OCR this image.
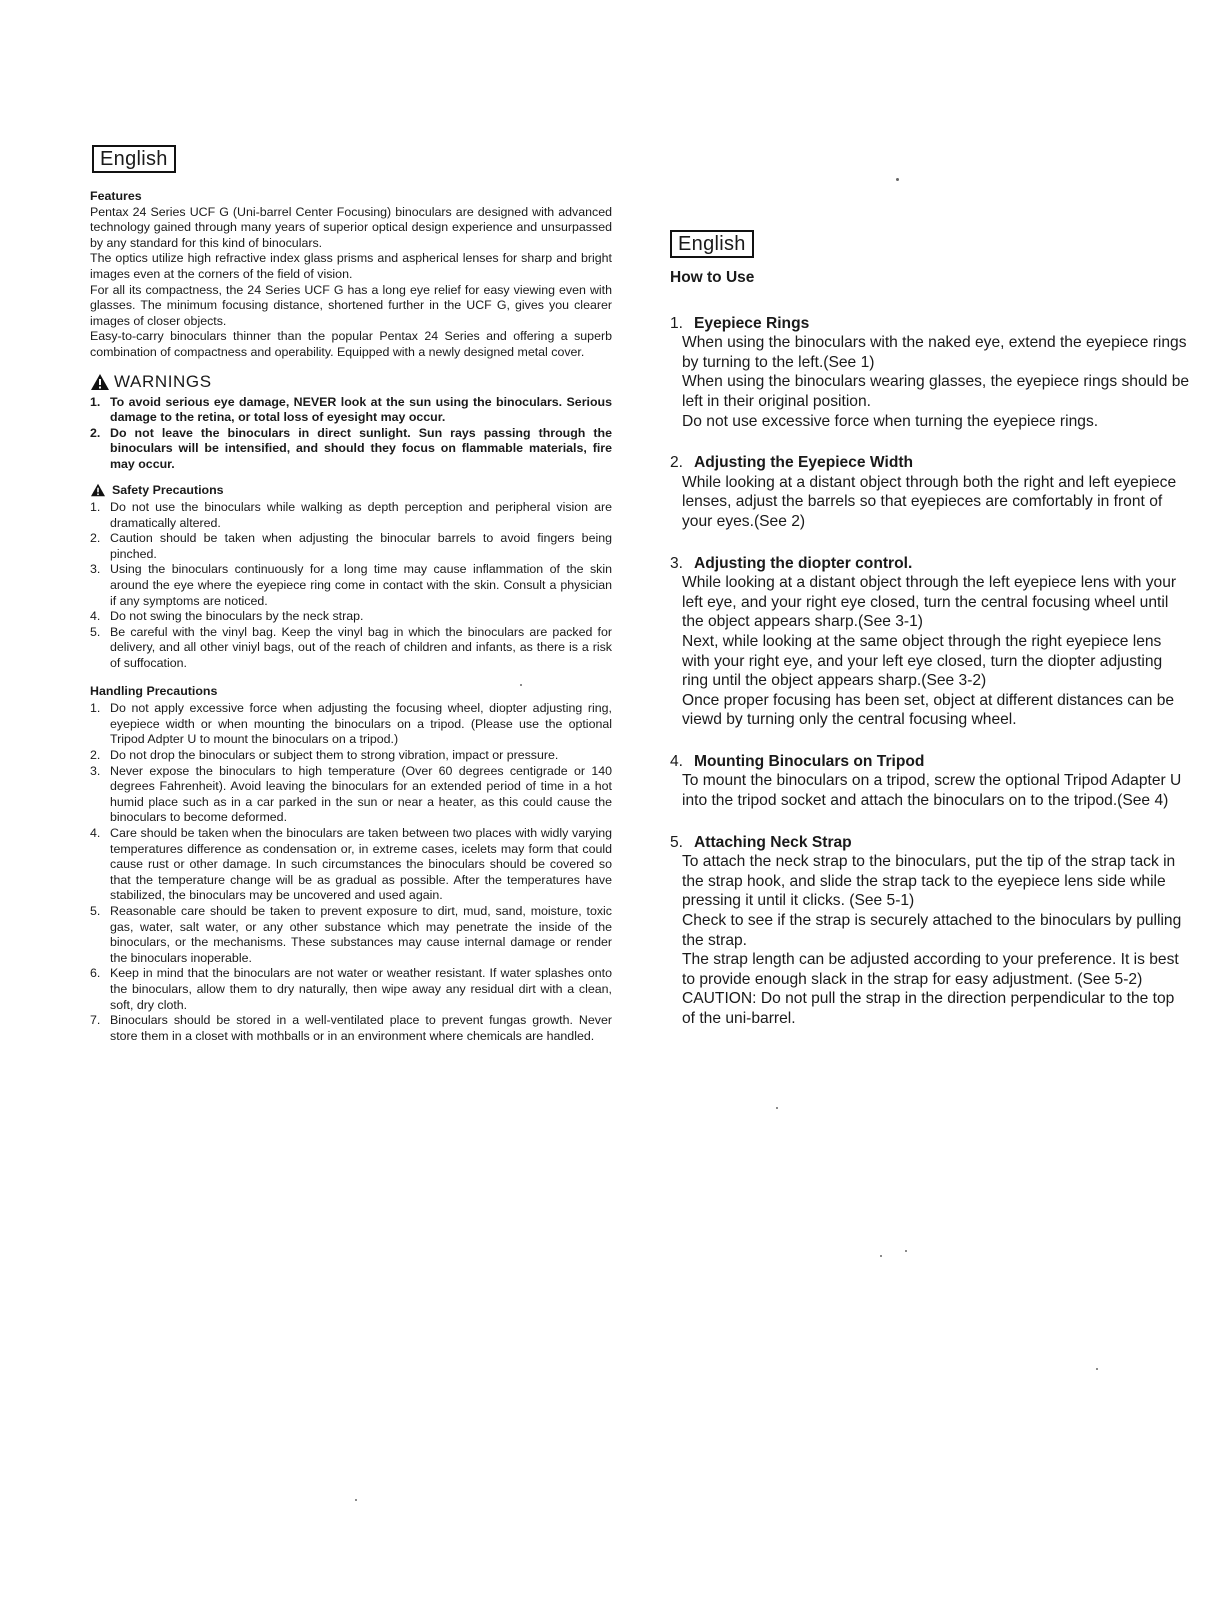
English
Features

Pentax 24 Series UCF G (Uni-barrel Center Focusing) binoculars are designed with advanced technology gained through many years of superior optical design experience and unsurpassed by any standard for this kind of binoculars.

The optics utilize high refractive index glass prisms and aspherical lenses for sharp and bright images even at the corners of the field of vision.

For all its compactness, the 24 Series UCF G has a long eye relief for easy viewing even with glasses. The minimum focusing distance, shortened further in the UCF G, gives you clearer images of closer objects.

Easy-to-carry binoculars thinner than the popular Pentax 24 Series and offering a superb combination of compactness and operability. Equipped with a newly designed metal cover.

WARNINGS
1. To avoid serious eye damage, NEVER look at the sun using the binoculars. Serious damage to the retina, or total loss of eyesight may occur.
2. Do not leave the binoculars in direct sunlight. Sun rays passing through the binoculars will be intensified, and should they focus on flammable materials, fire may occur.
Safety Precautions
1. Do not use the binoculars while walking as depth perception and peripheral vision are dramatically altered.
2. Caution should be taken when adjusting the binocular barrels to avoid fingers being pinched.
3. Using the binoculars continuously for a long time may cause inflammation of the skin around the eye where the eyepiece ring come in contact with the skin. Consult a physician if any symptoms are noticed.
4. Do not swing the binoculars by the neck strap.
5. Be careful with the vinyl bag. Keep the vinyl bag in which the binoculars are packed for delivery, and all other viniyl bags, out of the reach of children and infants, as there is a risk of suffocation.
Handling Precautions
1. Do not apply excessive force when adjusting the focusing wheel, diopter adjusting ring, eyepiece width or when mounting the binoculars on a tripod. (Please use the optional Tripod Adpter U to mount the binoculars on a tripod.)
2. Do not drop the binoculars or subject them to strong vibration, impact or pressure.
3. Never expose the binoculars to high temperature (Over 60 degrees centigrade or 140 degrees Fahrenheit). Avoid leaving the binoculars for an extended period of time in a hot humid place such as in a car parked in the sun or near a heater, as this could cause the binoculars to become deformed.
4. Care should be taken when the binoculars are taken between two places with widly varying temperatures difference as condensation or, in extreme cases, icelets may form that could cause rust or other damage. In such circumstances the binoculars should be covered so that the temperature change will be as gradual as possible. After the temperatures have stabilized, the binoculars may be uncovered and used again.
5. Reasonable care should be taken to prevent exposure to dirt, mud, sand, moisture, toxic gas, water, salt water, or any other substance which may penetrate the inside of the binoculars, or the mechanisms. These substances may cause internal damage or render the binoculars inoperable.
6. Keep in mind that the binoculars are not water or weather resistant. If water splashes onto the binoculars, allow them to dry naturally, then wipe away any residual dirt with a clean, soft, dry cloth.
7. Binoculars should be stored in a well-ventilated place to prevent fungas growth. Never store them in a closet with mothballs or in an environment where chemicals are handled.
English
How to Use
1. Eyepiece Rings

When using the binoculars with the naked eye, extend the eyepiece rings by turning to the left.(See 1)

When using the binoculars wearing glasses, the eyepiece rings should be left in their original position.

Do not use excessive force when turning the eyepiece rings.

2. Adjusting the Eyepiece Width

While looking at a distant object through both the right and left eyepiece lenses, adjust the barrels so that eyepieces are comfortably in front of your eyes.(See 2)

3. Adjusting the diopter control.

While looking at a distant object through the left eyepiece lens with your left eye, and your right eye closed, turn the central focusing wheel until the object appears sharp.(See 3-1)

Next, while looking at the same object through the right eyepiece lens with your right eye, and your left eye closed, turn the diopter adjusting ring until the object appears sharp.(See 3-2)

Once proper focusing has been set, object at different distances can be viewd by turning only the central focusing wheel.

4. Mounting Binoculars on Tripod

To mount the binoculars on a tripod, screw the optional Tripod Adapter U into the tripod socket and attach the binoculars on to the tripod.(See 4)

5. Attaching Neck Strap

To attach the neck strap to the binoculars, put the tip of the strap tack in the strap hook, and slide the strap tack to the eyepiece lens side while pressing it until it clicks. (See 5-1)

Check to see if the strap is securely attached to the binoculars by pulling the strap.

The strap length can be adjusted according to your preference. It is best to provide enough slack in the strap for easy adjustment. (See 5-2)

CAUTION: Do not pull the strap in the direction perpendicular to the top of the uni-barrel.
